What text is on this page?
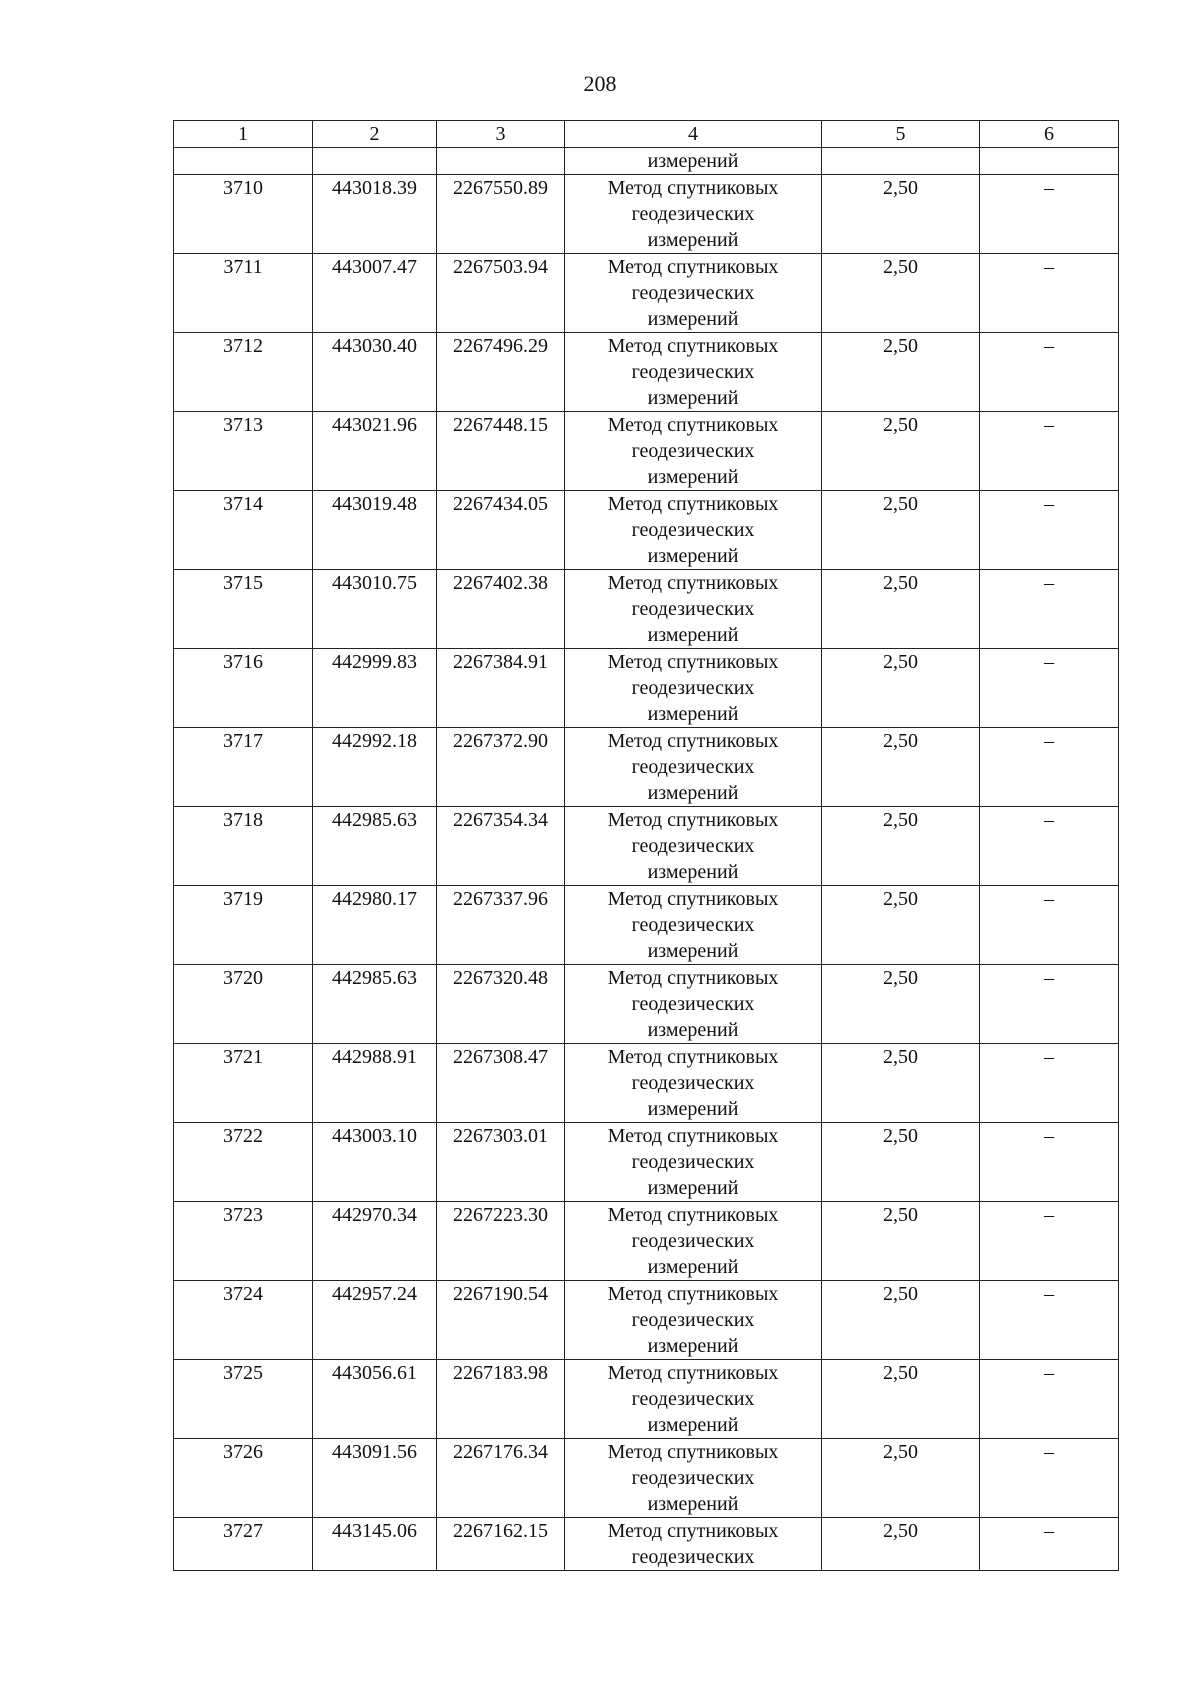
208
1	2	3	4	5	6
			измерений		
3710	443018.39	2267550.89	Метод спутниковых
геодезических
измерений	2,50	–
3711	443007.47	2267503.94	Метод спутниковых
геодезических
измерений	2,50	–
3712	443030.40	2267496.29	Метод спутниковых
геодезических
измерений	2,50	–
3713	443021.96	2267448.15	Метод спутниковых
геодезических
измерений	2,50	–
3714	443019.48	2267434.05	Метод спутниковых
геодезических
измерений	2,50	–
3715	443010.75	2267402.38	Метод спутниковых
геодезических
измерений	2,50	–
3716	442999.83	2267384.91	Метод спутниковых
геодезических
измерений	2,50	–
3717	442992.18	2267372.90	Метод спутниковых
геодезических
измерений	2,50	–
3718	442985.63	2267354.34	Метод спутниковых
геодезических
измерений	2,50	–
3719	442980.17	2267337.96	Метод спутниковых
геодезических
измерений	2,50	–
3720	442985.63	2267320.48	Метод спутниковых
геодезических
измерений	2,50	–
3721	442988.91	2267308.47	Метод спутниковых
геодезических
измерений	2,50	–
3722	443003.10	2267303.01	Метод спутниковых
геодезических
измерений	2,50	–
3723	442970.34	2267223.30	Метод спутниковых
геодезических
измерений	2,50	–
3724	442957.24	2267190.54	Метод спутниковых
геодезических
измерений	2,50	–
3725	443056.61	2267183.98	Метод спутниковых
геодезических
измерений	2,50	–
3726	443091.56	2267176.34	Метод спутниковых
геодезических
измерений	2,50	–
3727	443145.06	2267162.15	Метод спутниковых
геодезических	2,50	–
